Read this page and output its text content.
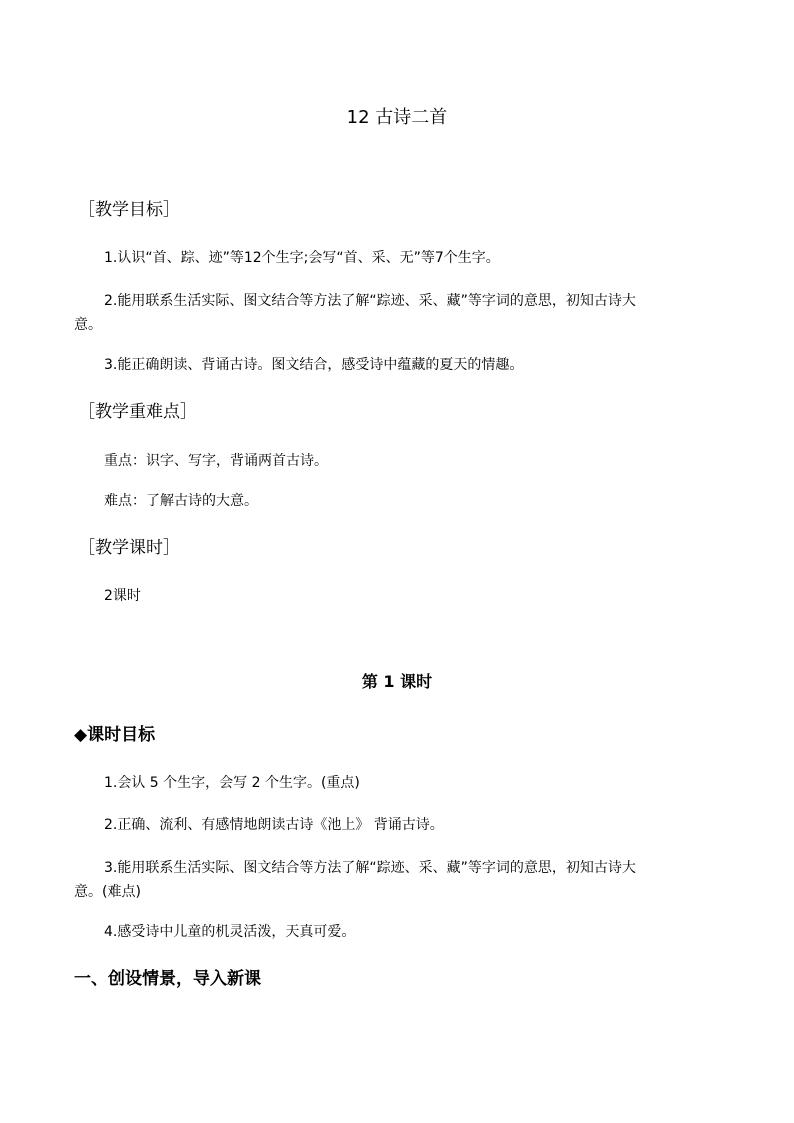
12 古诗二首
［教学目标］
1.认识“首、踪、迹”等12个生字;会写“首、采、无”等7个生字。
2.能用联系生活实际、图文结合等方法了解“踪迹、采、藏”等字词的意思，初知古诗大
意。
3.能正确朗读、背诵古诗。图文结合，感受诗中蕴藏的夏天的情趣。
［教学重难点］
重点：识字、写字，背诵两首古诗。
难点：了解古诗的大意。
［教学课时］
2课时
第 1 课时
◆课时目标
1.会认 5 个生字，会写 2 个生字。(重点)
2.正确、流利、有感情地朗读古诗《池上》 背诵古诗。
3.能用联系生活实际、图文结合等方法了解“踪迹、采、藏”等字词的意思，初知古诗大
意。(难点)
4.感受诗中儿童的机灵活泼，天真可爱。
一、创设情景，导入新课
